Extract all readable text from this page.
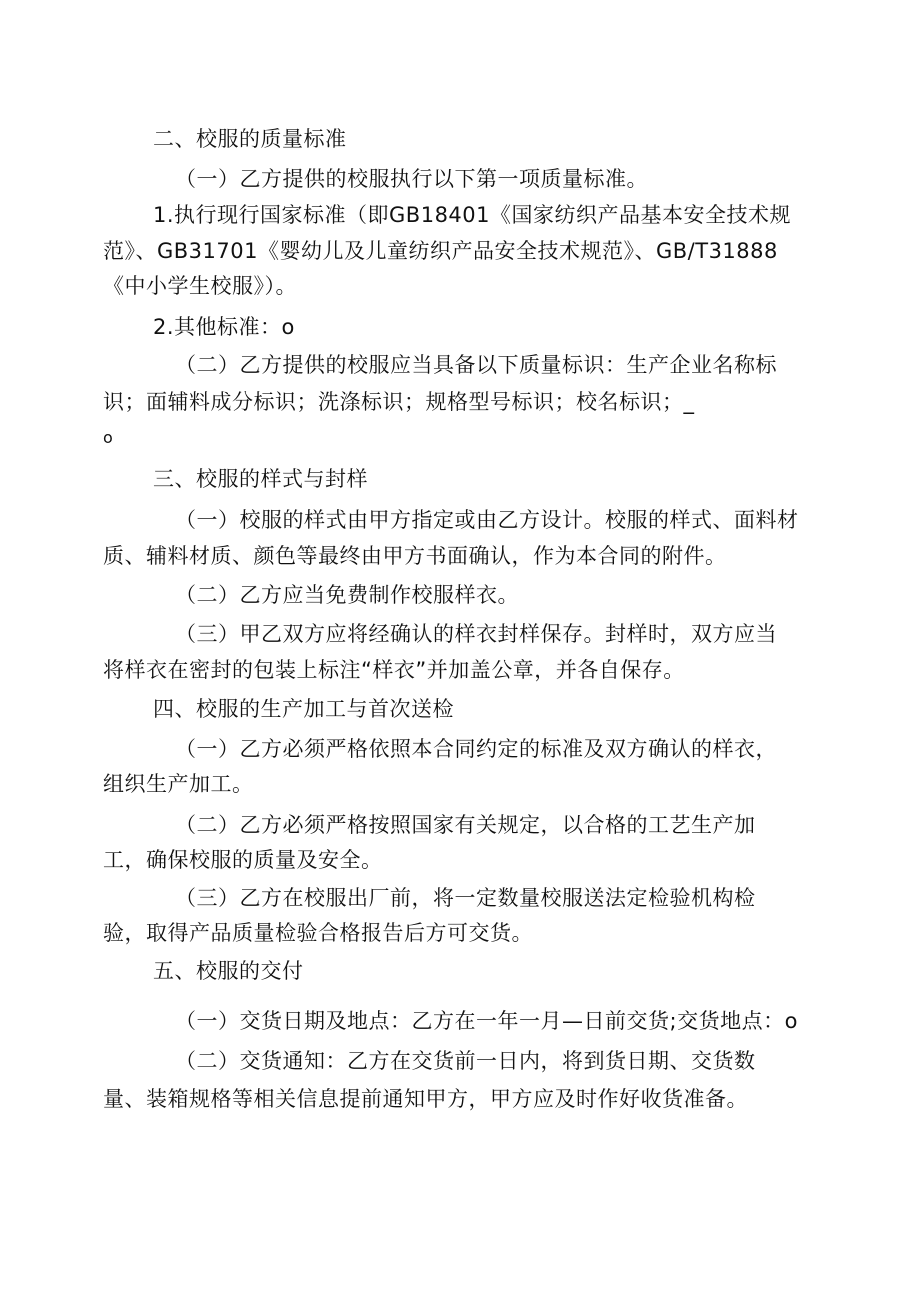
二、校服的质量标准
（一）乙方提供的校服执行以下第一项质量标准。
1.执行现行国家标准（即GB18401《国家纺织产品基本安全技术规
范》、GB31701《婴幼儿及儿童纺织产品安全技术规范》、GB/T31888
《中小学生校服》）。
2.其他标准：o
（二）乙方提供的校服应当具备以下质量标识：生产企业名称标
识；面辅料成分标识；洗涤标识；规格型号标识；校名标识；_
o
三、校服的样式与封样
（一）校服的样式由甲方指定或由乙方设计。校服的样式、面料材
质、辅料材质、颜色等最终由甲方书面确认，作为本合同的附件。
（二）乙方应当免费制作校服样衣。
（三）甲乙双方应将经确认的样衣封样保存。封样时，双方应当
将样衣在密封的包装上标注“样衣”并加盖公章，并各自保存。
四、校服的生产加工与首次送检
（一）乙方必须严格依照本合同约定的标准及双方确认的样衣，
组织生产加工。
（二）乙方必须严格按照国家有关规定，以合格的工艺生产加
工，确保校服的质量及安全。
（三）乙方在校服出厂前，将一定数量校服送法定检验机构检
验，取得产品质量检验合格报告后方可交货。
五、校服的交付
（一）交货日期及地点：乙方在一年一月—日前交货;交货地点：o
（二）交货通知：乙方在交货前一日内，将到货日期、交货数
量、装箱规格等相关信息提前通知甲方，甲方应及时作好收货准备。
